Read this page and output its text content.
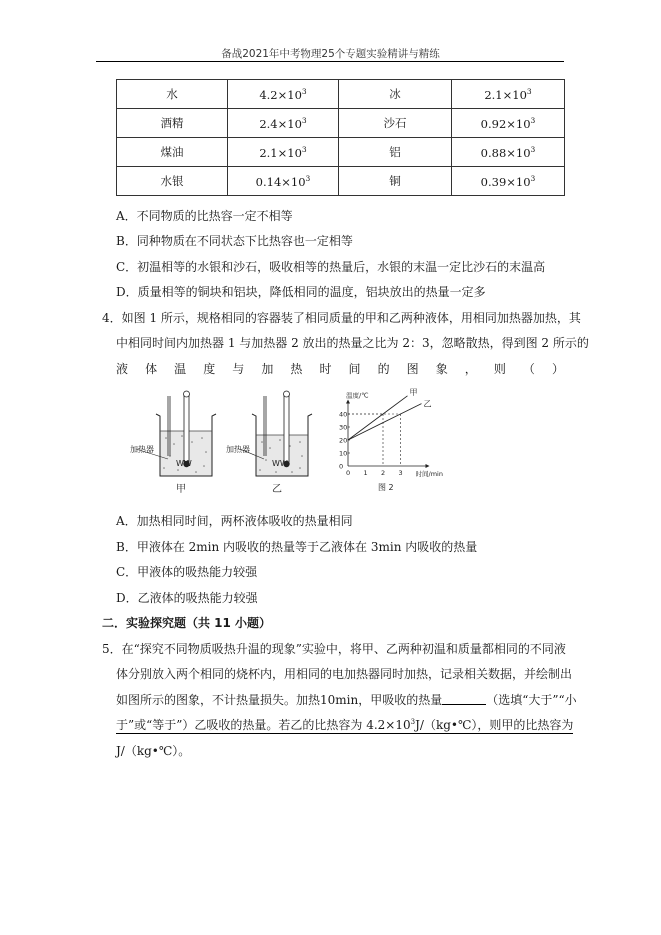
备战2021年中考物理25个专题实验精讲与精练
水	$4.2\times 10^3$	冰	$2.1\times 10^3$
酒精	$2.4\times 10^3$	沙石	$0.92\times 10^3$
煤油	$2.1\times 10^3$	铝	$0.88\times 10^3$
水银	$0.14\times 10^3$	铜	$0.39\times 10^3$
A．不同物质的比热容一定不相等
B．同种物质在不同状态下比热容也一定相等
C．初温相等的水银和沙石，吸收相等的热量后，水银的末温一定比沙石的末温高
D．质量相等的铜块和铝块，降低相同的温度，铝块放出的热量一定多
4．如图 1 所示，规格相同的容器装了相同质量的甲和乙两种液体，用相同加热器加热，其
中相同时间内加热器 1 与加热器 2 放出的热量之比为 2：3，忽略散热，得到图 2 所示的
液 体 温 度 与 加 热 时 间 的 图 象 ， 则 （ ）
WW
加热器
甲
WW
加热器
乙
0 1 2 3
0
10
20
30
40
甲
乙
温度/℃
时间/min
图 2
A．加热相同时间，两杯液体吸收的热量相同
B．甲液体在 2min 内吸收的热量等于乙液体在 3min 内吸收的热量
C．甲液体的吸热能力较强
D．乙液体的吸热能力较强
二．实验探究题（共 11 小题）
5．在“探究不同物质吸热升温的现象”实验中，将甲、乙两种初温和质量都相同的不同液
体分别放入两个相同的烧杯内，用相同的电加热器同时加热，记录相关数据，并绘制出
如图所示的图象，不计热量损失。加热10min，甲吸收的热量	（选填“大于”“小
于”或“等于”）乙吸收的热量。若乙的比热容为 $4.2\times 10^3J/(kg•℃)$，则甲的比热容为
J/（kg•℃）。
